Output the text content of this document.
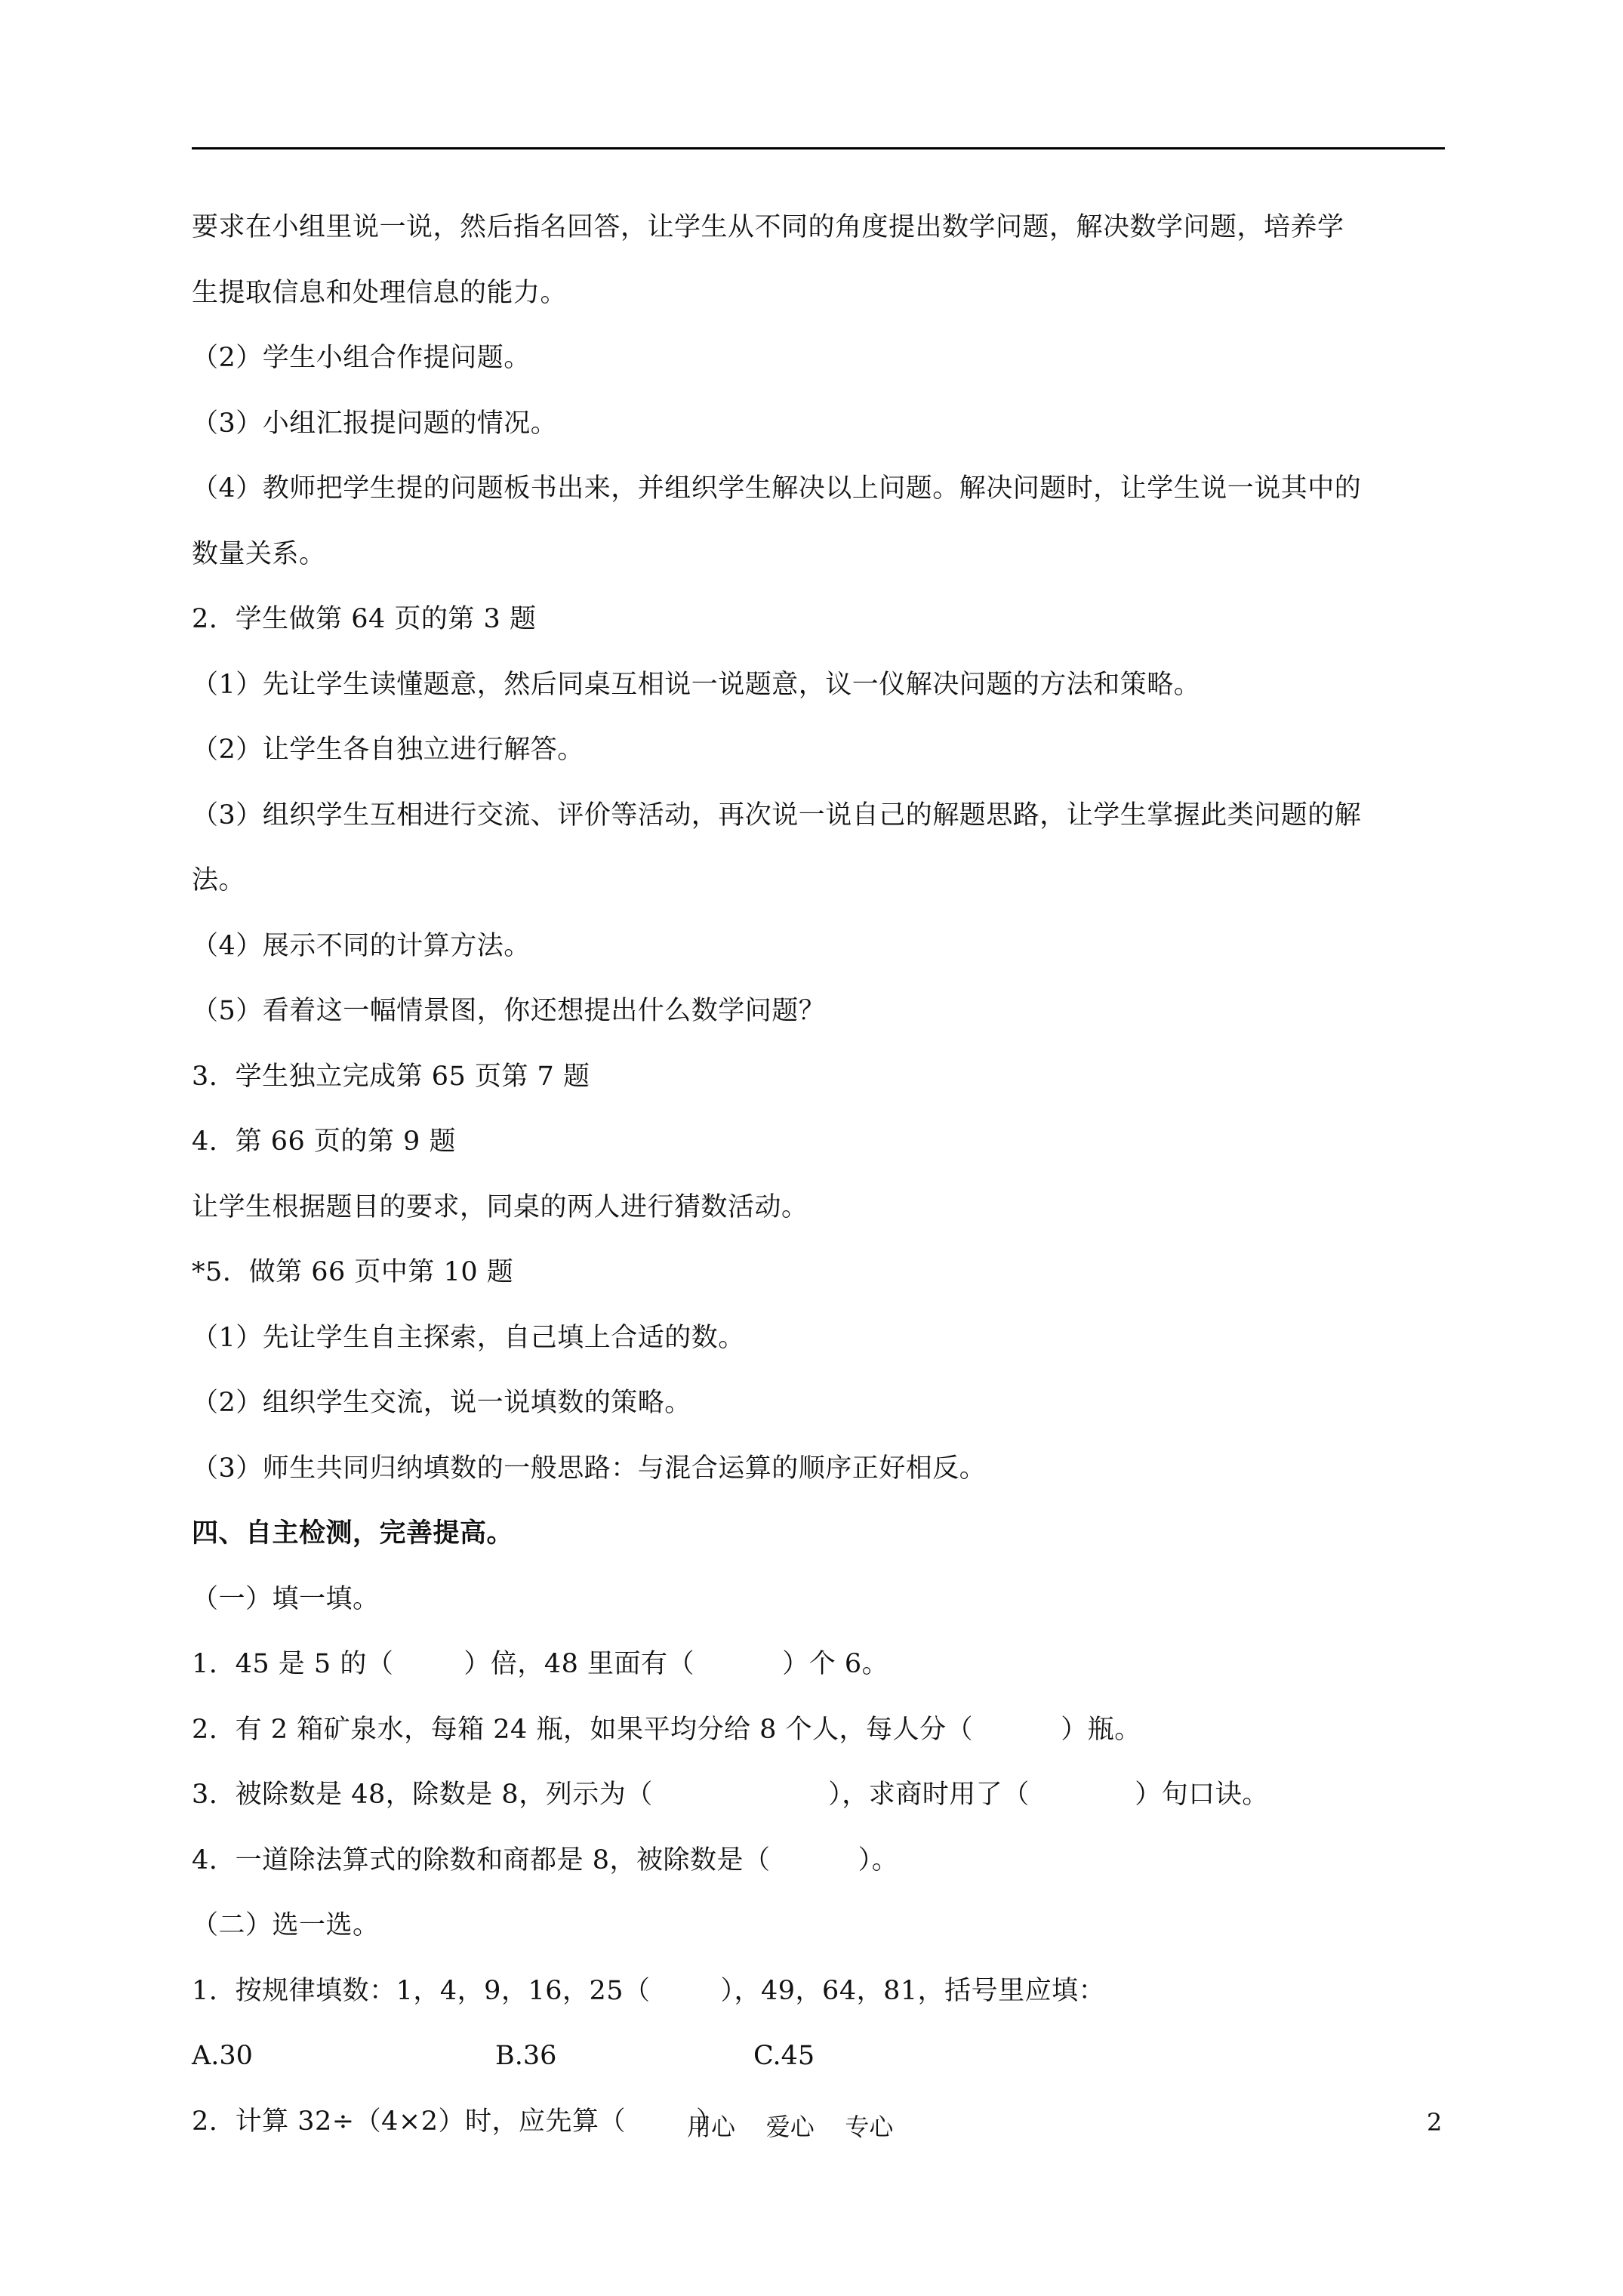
要求在小组里说一说，然后指名回答，让学生从不同的角度提出数学问题，解决数学问题，培养学
生提取信息和处理信息的能力。
（2）学生小组合作提问题。
（3）小组汇报提问题的情况。
（4）教师把学生提的问题板书出来，并组织学生解决以上问题。解决问题时，让学生说一说其中的
数量关系。
2.  学生做第 64 页的第 3 题
（1）先让学生读懂题意，然后同桌互相说一说题意，议一仪解决问题的方法和策略。
（2）让学生各自独立进行解答。
（3）组织学生互相进行交流、评价等活动，再次说一说自己的解题思路，让学生掌握此类问题的解
法。
（4）展示不同的计算方法。
（5）看着这一幅情景图，你还想提出什么数学问题？
3.  学生独立完成第 65 页第 7 题
4.  第 66 页的第 9 题
让学生根据题目的要求，同桌的两人进行猜数活动。
*5.  做第 66 页中第 10 题
（1）先让学生自主探索，自己填上合适的数。
（2）组织学生交流，说一说填数的策略。
（3）师生共同归纳填数的一般思路：与混合运算的顺序正好相反。
四、自主检测，完善提高。
（一）填一填。
1.  45 是 5 的（        ）倍，48 里面有（          ）个 6。
2.  有 2 箱矿泉水，每箱 24 瓶，如果平均分给 8 个人，每人分（          ）瓶。
3.  被除数是 48，除数是 8，列示为（                    ），求商时用了（            ）句口诀。
4.  一道除法算式的除数和商都是 8，被除数是（          ）。
（二）选一选。
1.  按规律填数：1，4，9，16，25（        ），49，64，81，括号里应填：
A.30	B.36	C.45
2.  计算 32÷（4×2）时，应先算（        ）
用心    爱心    专心	2
